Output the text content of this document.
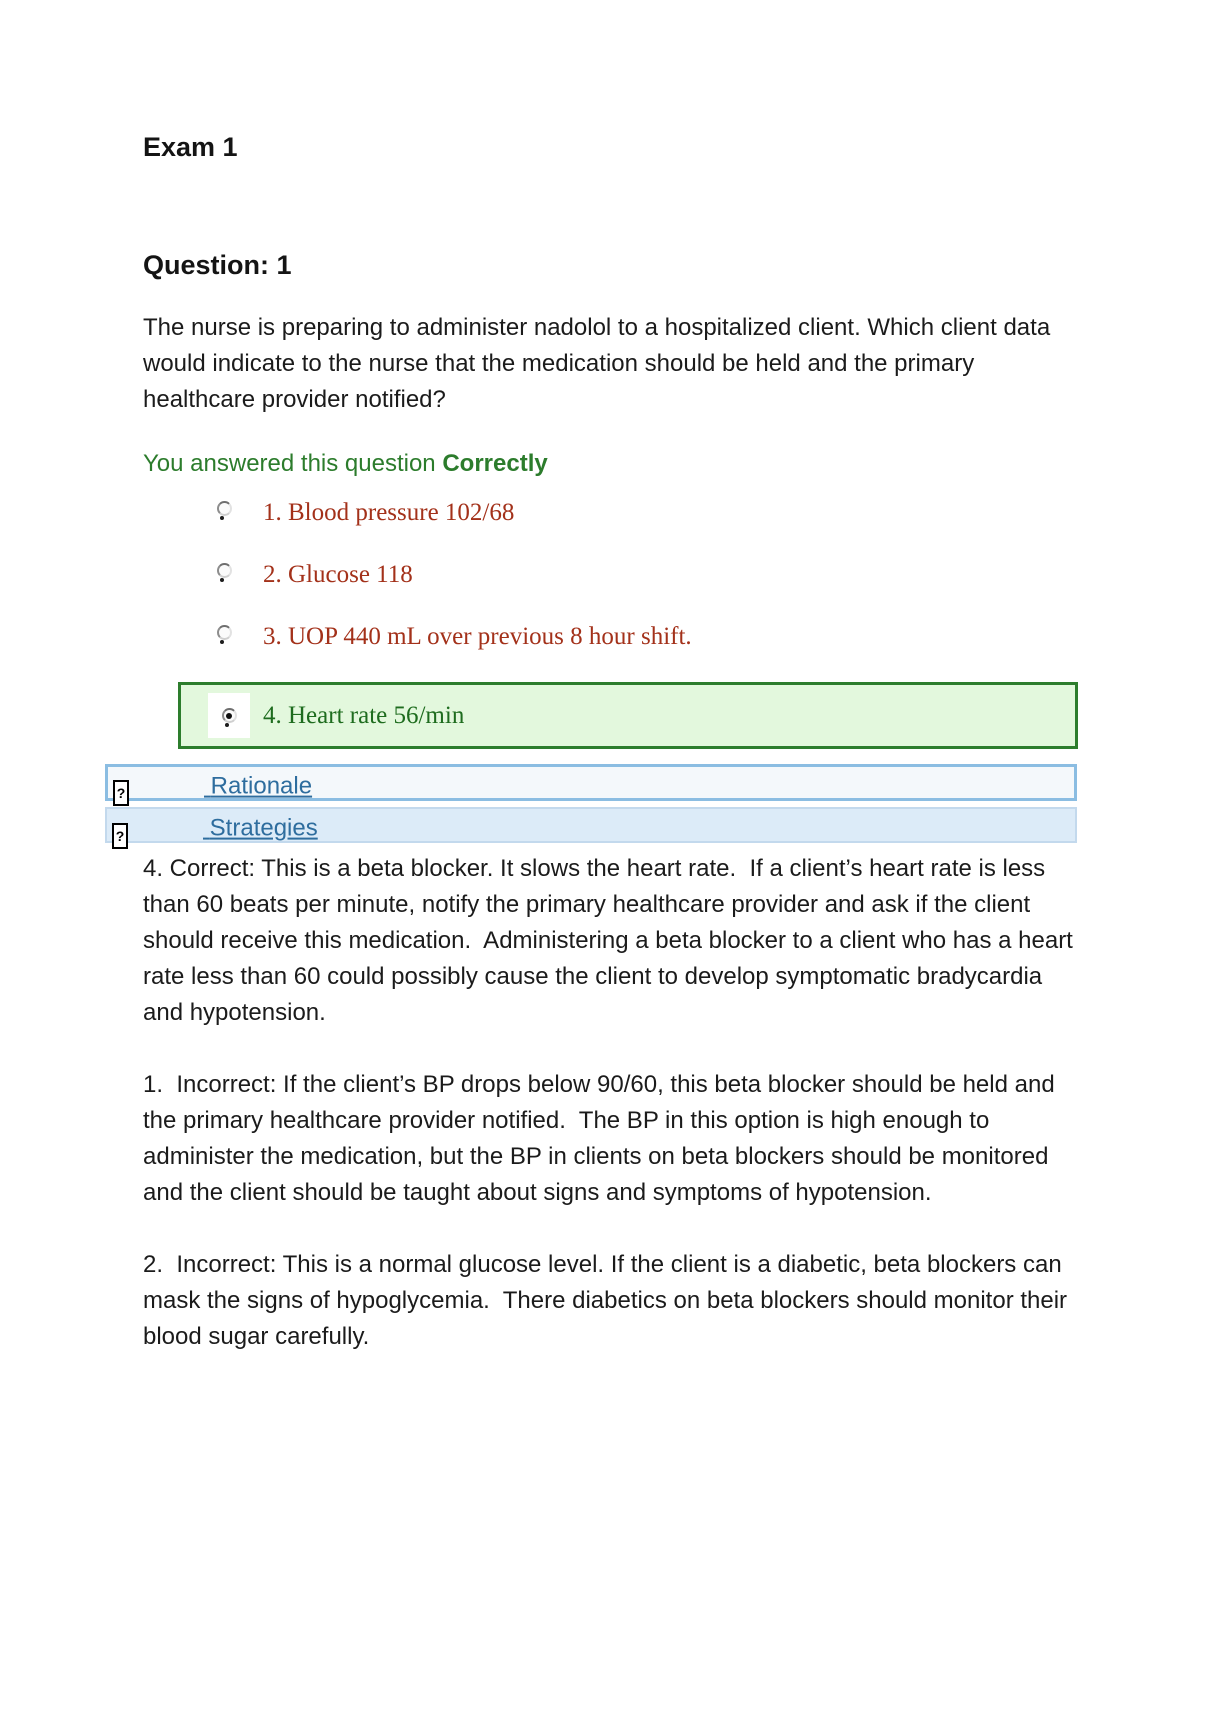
Exam 1
Question: 1

The nurse is preparing to administer nadolol to a hospitalized client. Which client data would indicate to the nurse that the medication should be held and the primary healthcare provider notified?

You answered this question Correctly
1. Blood pressure 102/68
2. Glucose 118
3. UOP 440 mL over previous 8 hour shift.
4. Heart rate 56/min
?	Rationale
?	Strategies

4. Correct: This is a beta blocker. It slows the heart rate.  If a client’s heart rate is less than 60 beats per minute, notify the primary healthcare provider and ask if the client should receive this medication.  Administering a beta blocker to a client who has a heart rate less than 60 could possibly cause the client to develop symptomatic bradycardia and hypotension.

1.  Incorrect: If the client’s BP drops below 90/60, this beta blocker should be held and the primary healthcare provider notified.  The BP in this option is high enough to administer the medication, but the BP in clients on beta blockers should be monitored and the client should be taught about signs and symptoms of hypotension.

2.  Incorrect: This is a normal glucose level. If the client is a diabetic, beta blockers can mask the signs of hypoglycemia.  There diabetics on beta blockers should monitor their blood sugar carefully.
